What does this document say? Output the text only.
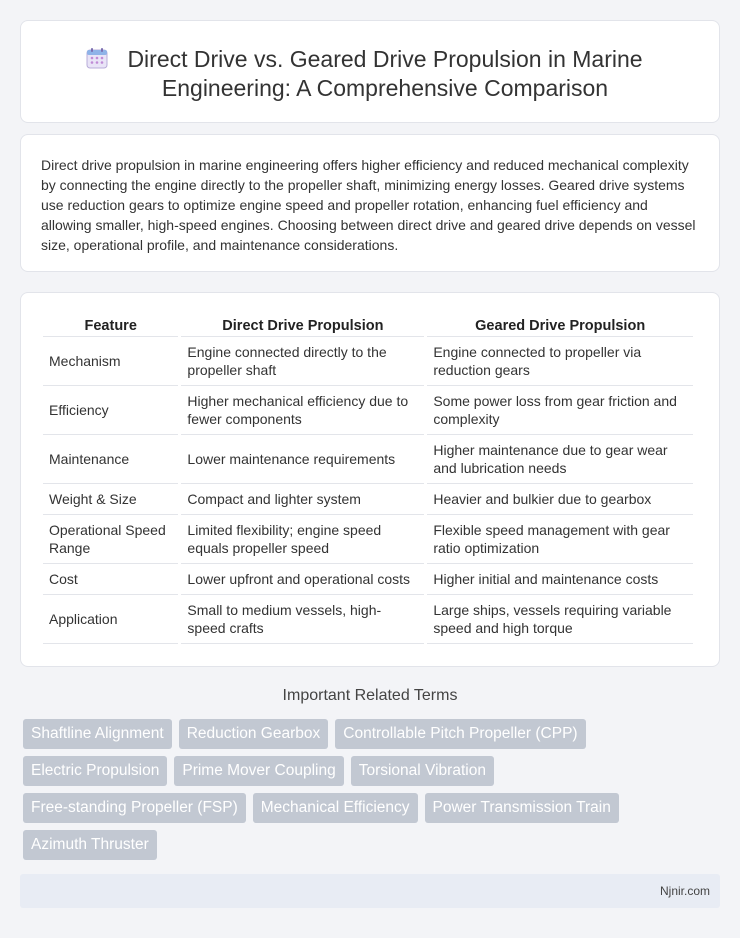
Direct Drive vs. Geared Drive Propulsion in Marine Engineering: A Comprehensive Comparison

Direct drive propulsion in marine engineering offers higher efficiency and reduced mechanical complexity by connecting the engine directly to the propeller shaft, minimizing energy losses. Geared drive systems use reduction gears to optimize engine speed and propeller rotation, enhancing fuel efficiency and allowing smaller, high-speed engines. Choosing between direct drive and geared drive depends on vessel size, operational profile, and maintenance considerations.

Feature	Direct Drive Propulsion	Geared Drive Propulsion
Mechanism	Engine connected directly to the propeller shaft	Engine connected to propeller via reduction gears
Efficiency	Higher mechanical efficiency due to fewer components	Some power loss from gear friction and complexity
Maintenance	Lower maintenance requirements	Higher maintenance due to gear wear and lubrication needs
Weight & Size	Compact and lighter system	Heavier and bulkier due to gearbox
Operational Speed Range	Limited flexibility; engine speed equals propeller speed	Flexible speed management with gear ratio optimization
Cost	Lower upfront and operational costs	Higher initial and maintenance costs
Application	Small to medium vessels, high-speed crafts	Large ships, vessels requiring variable speed and high torque
Important Related Terms
Shaftline Alignment	Reduction Gearbox	Controllable Pitch Propeller (CPP)
Electric Propulsion	Prime Mover Coupling	Torsional Vibration
Free-standing Propeller (FSP)	Mechanical Efficiency	Power Transmission Train
Azimuth Thruster
Njnir.com
